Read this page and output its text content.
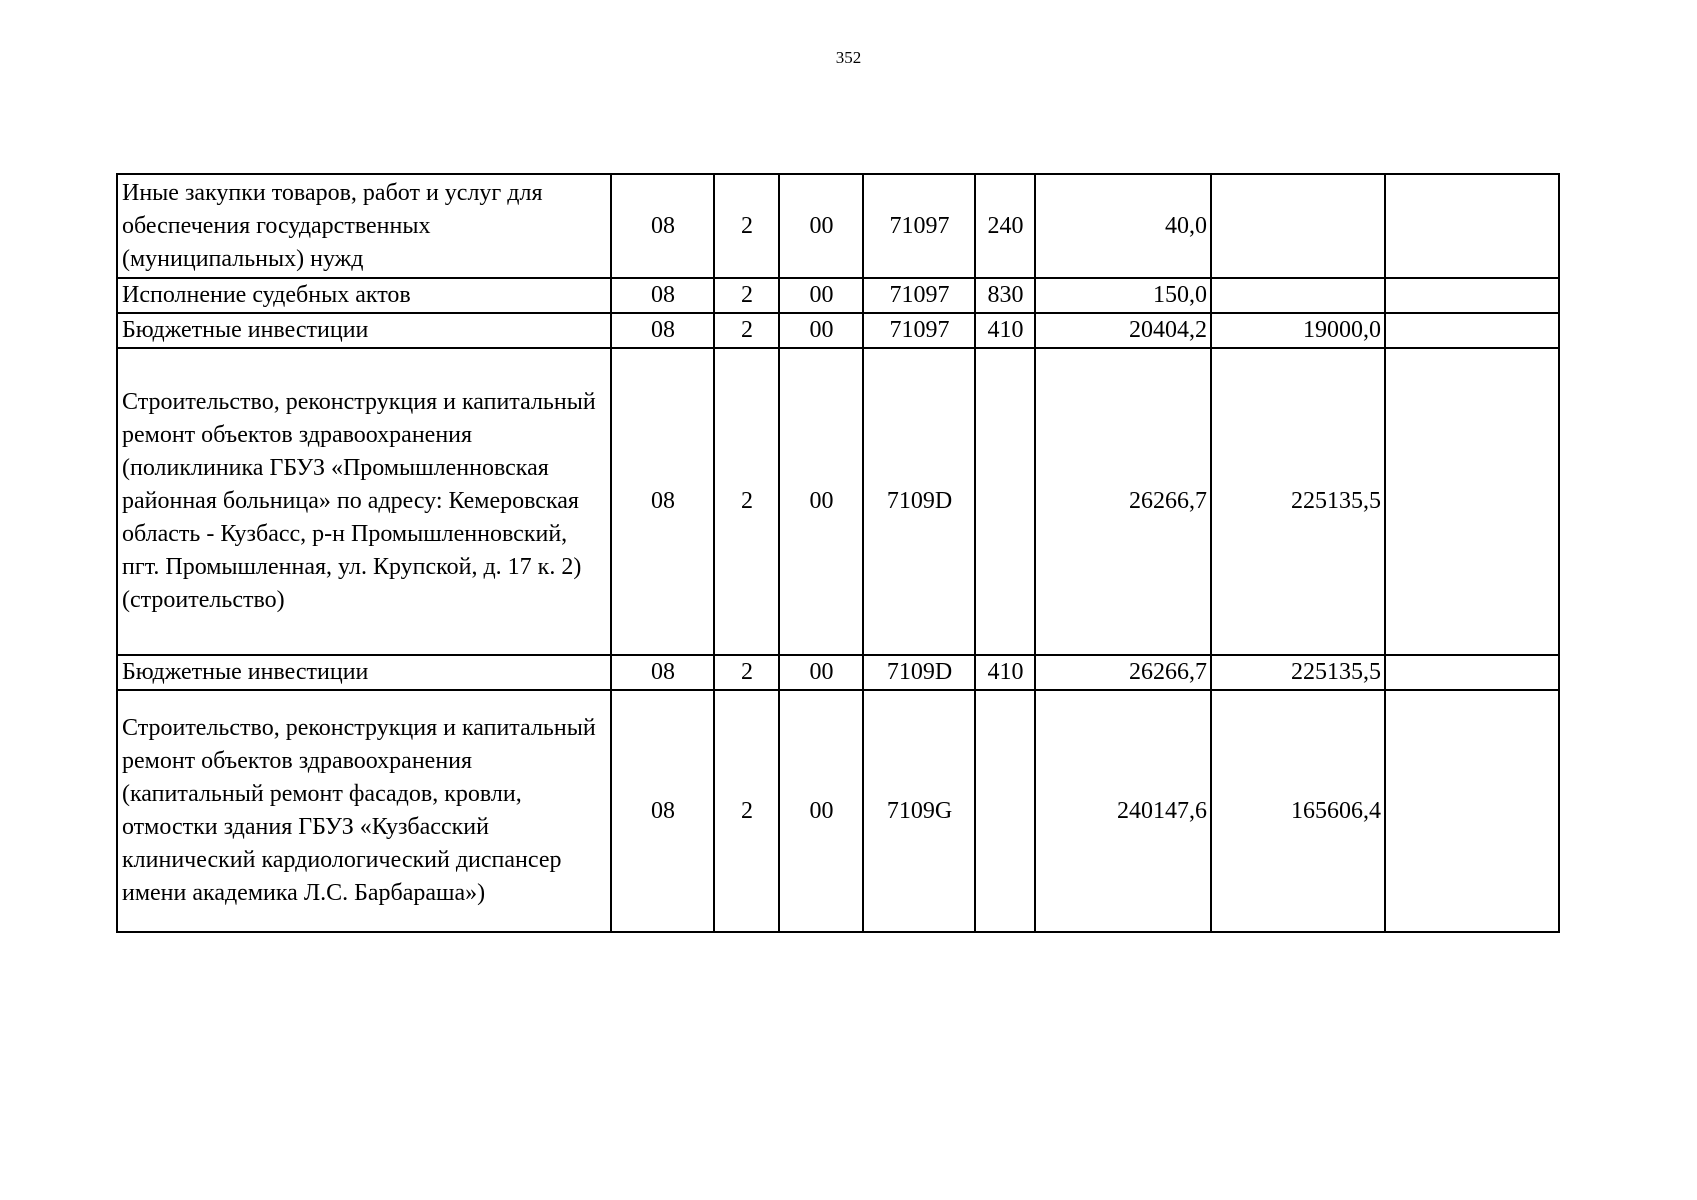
352
Иные закупки товаров, работ и услуг для обеспечения государственных (муниципальных) нужд	08	2	00	71097	240	40,0		

Исполнение судебных актов	08	2	00	71097	830	150,0		

Бюджетные инвестиции	08	2	00	71097	410	20404,2	19000,0	

Строительство, реконструкция и капитальный ремонт объектов здравоохранения (поликлиника ГБУЗ «Промышленновская районная больница» по адресу: Кемеровская область - Кузбасс, р-н Промышленновский, пгт. Промышленная, ул. Крупской, д. 17 к. 2) (строительство)	08	2	00	7109D		26266,7	225135,5	

Бюджетные инвестиции	08	2	00	7109D	410	26266,7	225135,5	

Строительство, реконструкция и капитальный ремонт объектов здравоохранения (капитальный ремонт фасадов, кровли, отмостки здания ГБУЗ «Кузбасский клинический кардиологический диспансер имени академика Л.С. Барбараша»)	08	2	00	7109G		240147,6	165606,4	
